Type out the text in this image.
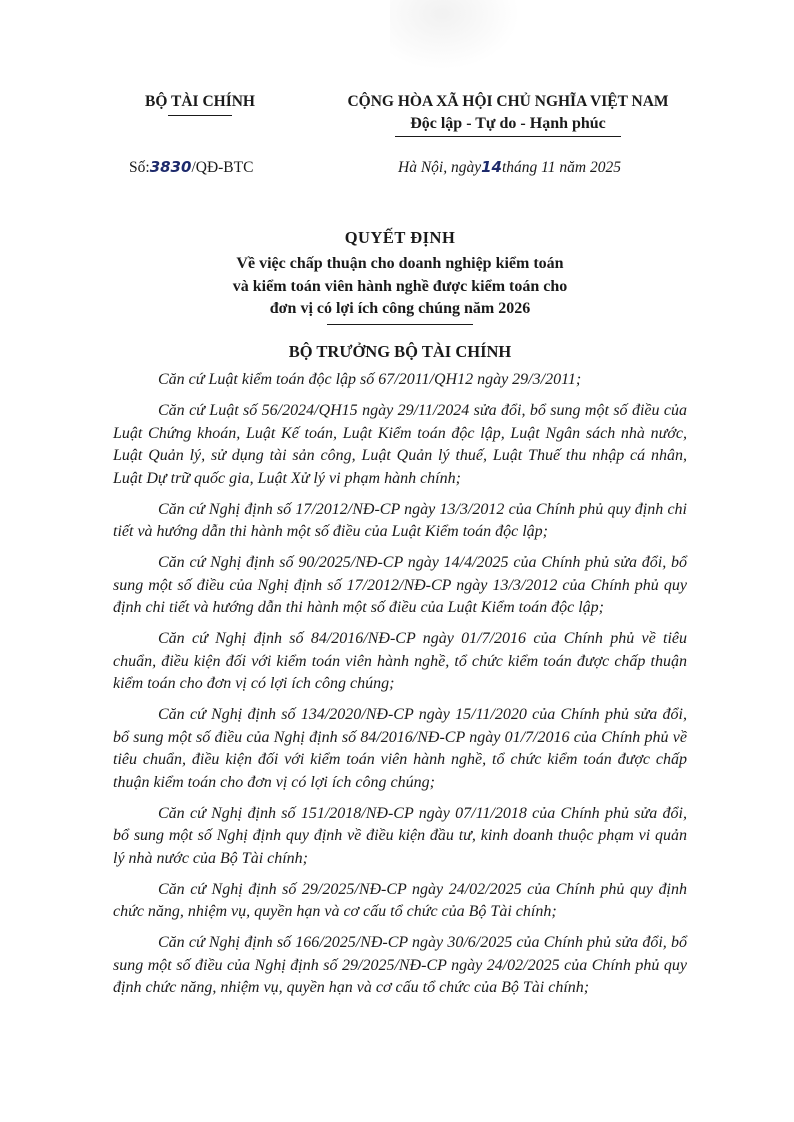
BỘ TÀI CHÍNH	CỘNG HÒA XÃ HỘI CHỦ NGHĨA VIỆT NAM
Độc lập - Tự do - Hạnh phúc
Số:3830/QĐ-BTC	Hà Nội, ngày14tháng 11 năm 2025
QUYẾT ĐỊNH
Về việc chấp thuận cho doanh nghiệp kiểm toán
và kiểm toán viên hành nghề được kiểm toán cho
đơn vị có lợi ích công chúng năm 2026
BỘ TRƯỞNG BỘ TÀI CHÍNH

Căn cứ Luật kiểm toán độc lập số 67/2011/QH12 ngày 29/3/2011;

Căn cứ Luật số 56/2024/QH15 ngày 29/11/2024 sửa đổi, bổ sung một số điều của Luật Chứng khoán, Luật Kế toán, Luật Kiểm toán độc lập, Luật Ngân sách nhà nước, Luật Quản lý, sử dụng tài sản công, Luật Quản lý thuế, Luật Thuế thu nhập cá nhân, Luật Dự trữ quốc gia, Luật Xử lý vi phạm hành chính;

Căn cứ Nghị định số 17/2012/NĐ-CP ngày 13/3/2012 của Chính phủ quy định chi tiết và hướng dẫn thi hành một số điều của Luật Kiểm toán độc lập;

Căn cứ Nghị định số 90/2025/NĐ-CP ngày 14/4/2025 của Chính phủ sửa đổi, bổ sung một số điều của Nghị định số 17/2012/NĐ-CP ngày 13/3/2012 của Chính phủ quy định chi tiết và hướng dẫn thi hành một số điều của Luật Kiểm toán độc lập;

Căn cứ Nghị định số 84/2016/NĐ-CP ngày 01/7/2016 của Chính phủ về tiêu chuẩn, điều kiện đối với kiểm toán viên hành nghề, tổ chức kiểm toán được chấp thuận kiểm toán cho đơn vị có lợi ích công chúng;

Căn cứ Nghị định số 134/2020/NĐ-CP ngày 15/11/2020 của Chính phủ sửa đổi, bổ sung một số điều của Nghị định số 84/2016/NĐ-CP ngày 01/7/2016 của Chính phủ về tiêu chuẩn, điều kiện đối với kiểm toán viên hành nghề, tổ chức kiểm toán được chấp thuận kiểm toán cho đơn vị có lợi ích công chúng;

Căn cứ Nghị định số 151/2018/NĐ-CP ngày 07/11/2018 của Chính phủ sửa đổi, bổ sung một số Nghị định quy định về điều kiện đầu tư, kinh doanh thuộc phạm vi quản lý nhà nước của Bộ Tài chính;

Căn cứ Nghị định số 29/2025/NĐ-CP ngày 24/02/2025 của Chính phủ quy định chức năng, nhiệm vụ, quyền hạn và cơ cấu tổ chức của Bộ Tài chính;

Căn cứ Nghị định số 166/2025/NĐ-CP ngày 30/6/2025 của Chính phủ sửa đổi, bổ sung một số điều của Nghị định số 29/2025/NĐ-CP ngày 24/02/2025 của Chính phủ quy định chức năng, nhiệm vụ, quyền hạn và cơ cấu tổ chức của Bộ Tài chính;
